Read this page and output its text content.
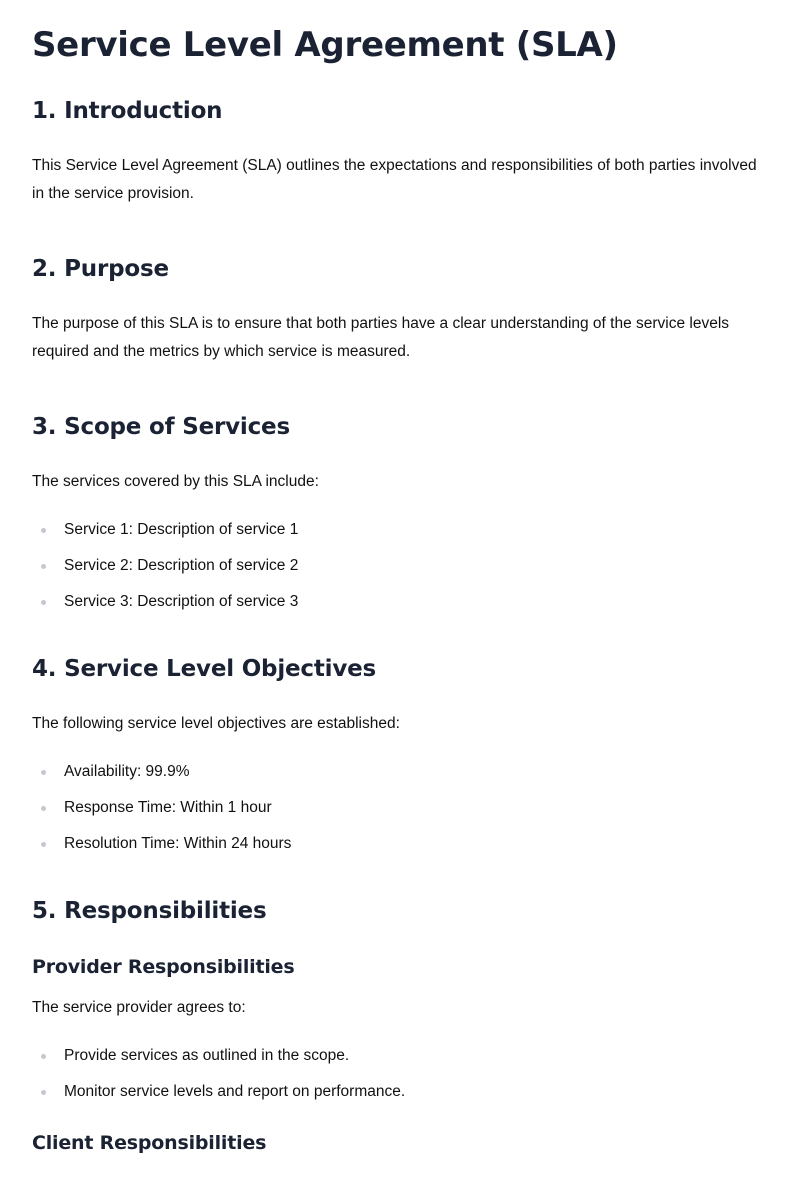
Service Level Agreement (SLA)
1. Introduction

This Service Level Agreement (SLA) outlines the expectations and responsibilities of both parties involved in the service provision.

2. Purpose

The purpose of this SLA is to ensure that both parties have a clear understanding of the service levels required and the metrics by which service is measured.

3. Scope of Services

The services covered by this SLA include:

Service 1: Description of service 1
Service 2: Description of service 2
Service 3: Description of service 3
4. Service Level Objectives

The following service level objectives are established:

Availability: 99.9%
Response Time: Within 1 hour
Resolution Time: Within 24 hours
5. Responsibilities
Provider Responsibilities

The service provider agrees to:

Provide services as outlined in the scope.
Monitor service levels and report on performance.
Client Responsibilities
